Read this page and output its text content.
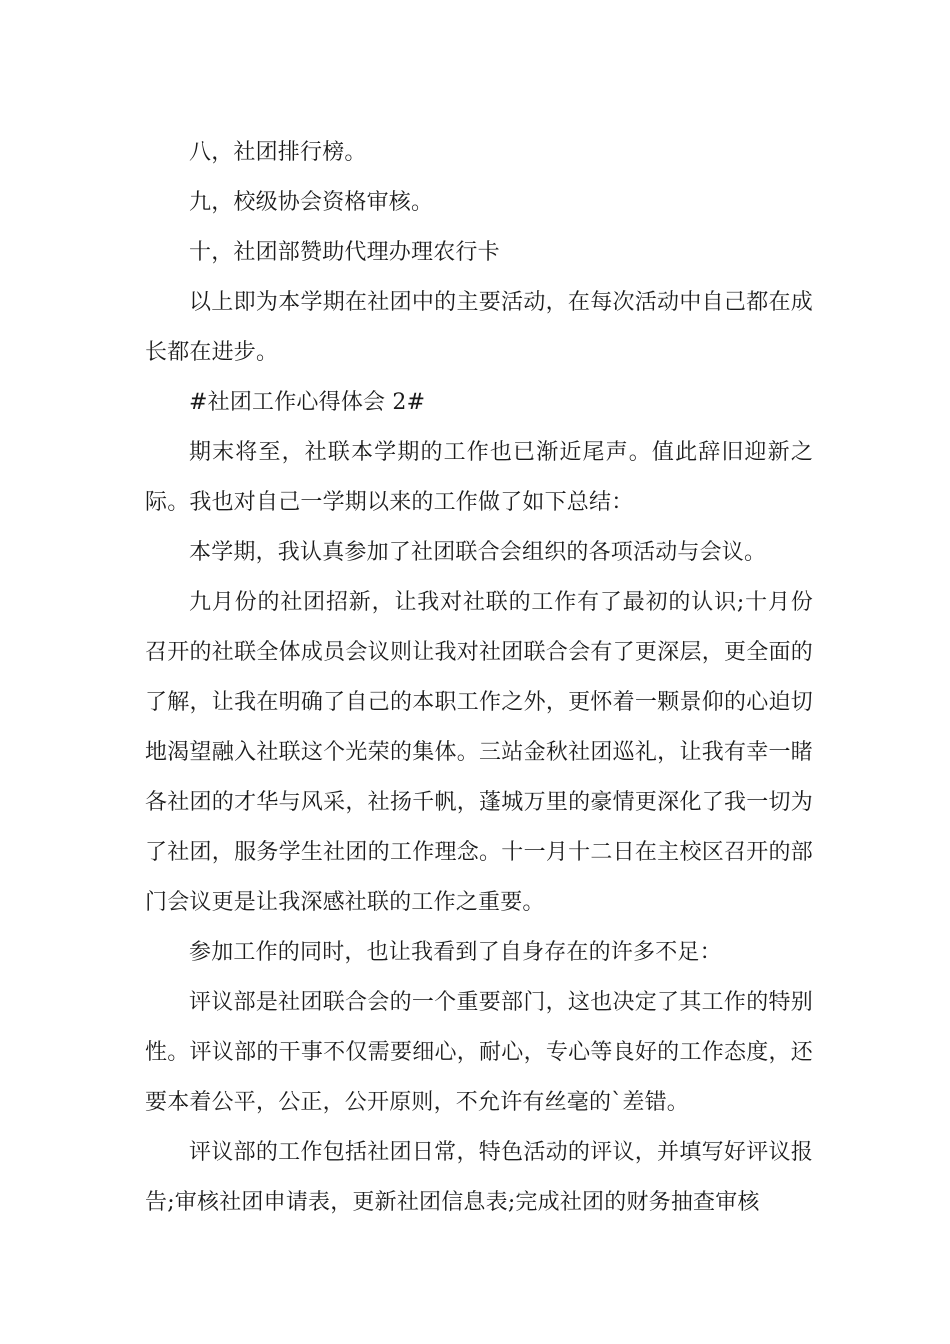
八，社团排行榜。

九，校级协会资格审核。

十，社团部赞助代理办理农行卡

以上即为本学期在社团中的主要活动，在每次活动中自己都在成长都在进步。

#社团工作心得体会 2#

期末将至，社联本学期的工作也已渐近尾声。值此辞旧迎新之际。我也对自己一学期以来的工作做了如下总结：

本学期，我认真参加了社团联合会组织的各项活动与会议。

九月份的社团招新，让我对社联的工作有了最初的认识;十月份召开的社联全体成员会议则让我对社团联合会有了更深层，更全面的了解，让我在明确了自己的本职工作之外，更怀着一颗景仰的心迫切地渴望融入社联这个光荣的集体。三站金秋社团巡礼，让我有幸一睹各社团的才华与风采，社扬千帆，蓬城万里的豪情更深化了我一切为了社团，服务学生社团的工作理念。十一月十二日在主校区召开的部门会议更是让我深感社联的工作之重要。

参加工作的同时，也让我看到了自身存在的许多不足：

评议部是社团联合会的一个重要部门，这也决定了其工作的特别性。评议部的干事不仅需要细心，耐心，专心等良好的工作态度，还要本着公平，公正，公开原则，不允许有丝毫的`差错。

评议部的工作包括社团日常，特色活动的评议，并填写好评议报告;审核社团申请表，更新社团信息表;完成社团的财务抽查审核
